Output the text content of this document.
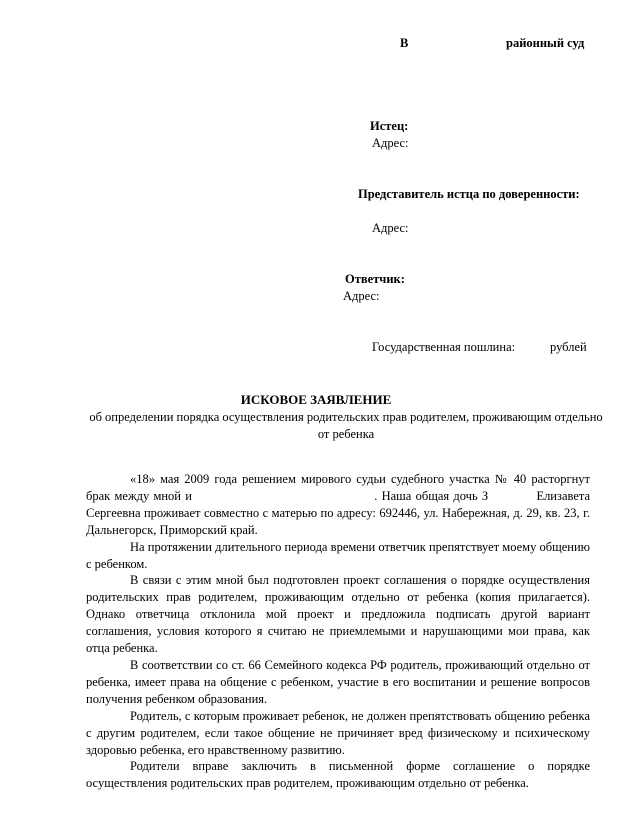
В	районный суд
Истец:
Адрес:
Представитель истца по доверенности:
Адрес:
Ответчик:
Адрес:
Государственная пошлина:	рублей
ИСКОВОЕ ЗАЯВЛЕНИЕ
об определении порядка осуществления родительских прав родителем, проживающим отдельно от ребенка

«18» мая 2009 года решением мирового судьи судебного участка № 40 расторгнут брак между мной и	. Наша общая дочь З	Елизавета Сергеевна проживает совместно с матерью по адресу: 692446, ул. Набережная, д. 29, кв. 23, г. Дальнегорск, Приморский край.

На протяжении длительного периода времени ответчик препятствует моему общению с ребенком.

В связи с этим мной был подготовлен проект соглашения о порядке осуществления родительских прав родителем, проживающим отдельно от ребенка (копия прилагается). Однако ответчица отклонила мой проект и предложила подписать другой вариант соглашения, условия которого я считаю не приемлемыми и нарушающими мои права, как отца ребенка.

В соответствии со ст. 66 Семейного кодекса РФ родитель, проживающий отдельно от ребенка, имеет права на общение с ребенком, участие в его воспитании и решение вопросов получения ребенком образования.

Родитель, с которым проживает ребенок, не должен препятствовать общению ребенка с другим родителем, если такое общение не причиняет вред физическому и психическому здоровью ребенка, его нравственному развитию.

Родители вправе заключить в письменной форме соглашение о порядке осуществления родительских прав родителем, проживающим отдельно от ребенка.
